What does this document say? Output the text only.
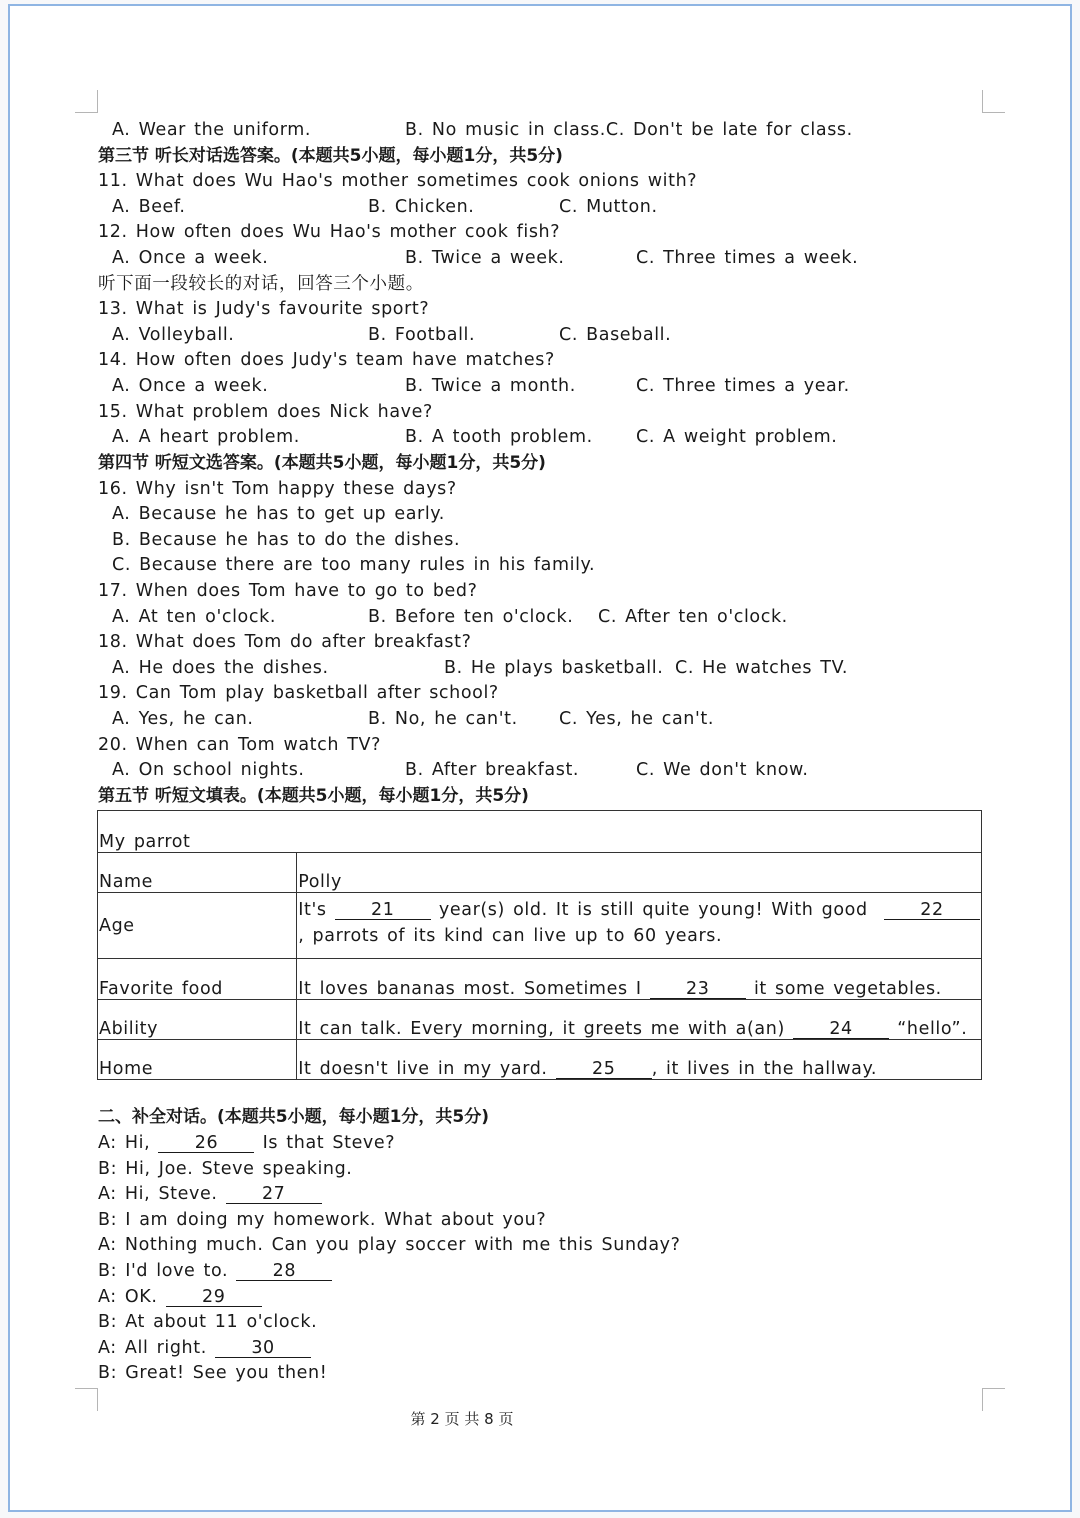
A. Wear the uniform.	B. No music in class.C. Don't be late for class.
第三节 听长对话选答案。(本题共5小题，每小题1分，共5分)
11. What does Wu Hao's mother sometimes cook onions with?
A. Beef.	B. Chicken.	C. Mutton.
12. How often does Wu Hao's mother cook fish?
A. Once a week.	B. Twice a week.	C. Three times a week.
听下面一段较长的对话，回答三个小题。
13. What is Judy's favourite sport?
A. Volleyball.	B. Football.	C. Baseball.
14. How often does Judy's team have matches?
A. Once a week.	B. Twice a month.	C. Three times a year.
15. What problem does Nick have?
A. A heart problem.	B. A tooth problem. C. A weight problem.
第四节 听短文选答案。(本题共5小题，每小题1分，共5分)
16. Why isn't Tom happy these days?
A. Because he has to get up early.
B. Because he has to do the dishes.
C. Because there are too many rules in his family.
17. When does Tom have to go to bed?
A. At ten o'clock.	B. Before ten o'clock. C. After ten o'clock.
18. What does Tom do after breakfast?
A. He does the dishes.	B. He plays basketball. C. He watches TV.
19. Can Tom play basketball after school?
A. Yes, he can.	B. No, he can't. C. Yes, he can't.
20. When can Tom watch TV?
A. On school nights.	B. After breakfast.	C. We don't know.
第五节 听短文填表。(本题共5小题，每小题1分，共5分)
My parrot	
Name	Polly
Age	It's 21 year(s) old. It is still quite young! With good 22
, parrots of its kind can live up to 60 years.

Favorite food	It loves bananas most. Sometimes I 23 it some vegetables.
Ability	It can talk. Every morning, it greets me with a(an) 24 “hello”.
Home	It doesn't live in my yard. 25 , it lives in the hallway.
二、补全对话。(本题共5小题，每小题1分，共5分)
A: Hi,	26	Is that Steve?
B: Hi, Joe. Steve speaking.
A: Hi, Steve.	27
B: I am doing my homework. What about you?
A: Nothing much. Can you play soccer with me this Sunday?
B: I'd love to.	28
A: OK.	29
B: At about 11 o'clock.
A: All right.	30
B: Great! See you then!
第 2 页 共 8 页
